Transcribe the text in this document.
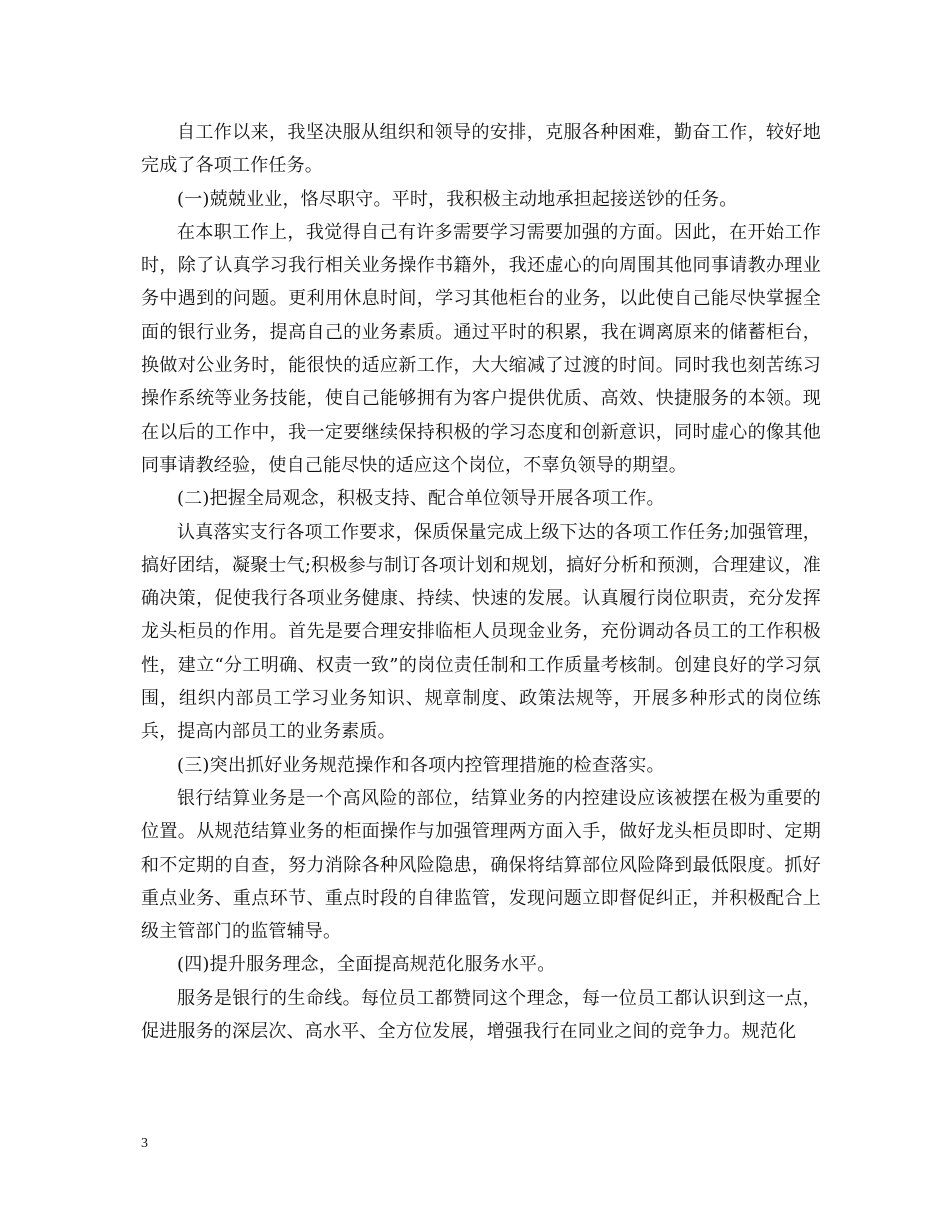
自工作以来，我坚决服从组织和领导的安排，克服各种困难，勤奋工作，较好地完成了各项工作任务。

(一)兢兢业业，恪尽职守。平时，我积极主动地承担起接送钞的任务。

在本职工作上，我觉得自己有许多需要学习需要加强的方面。因此，在开始工作时，除了认真学习我行相关业务操作书籍外，我还虚心的向周围其他同事请教办理业务中遇到的问题。更利用休息时间，学习其他柜台的业务，以此使自己能尽快掌握全面的银行业务，提高自己的业务素质。通过平时的积累，我在调离原来的储蓄柜台，换做对公业务时，能很快的适应新工作，大大缩减了过渡的时间。同时我也刻苦练习操作系统等业务技能，使自己能够拥有为客户提供优质、高效、快捷服务的本领。现在以后的工作中，我一定要继续保持积极的学习态度和创新意识，同时虚心的像其他同事请教经验，使自己能尽快的适应这个岗位，不辜负领导的期望。

(二)把握全局观念，积极支持、配合单位领导开展各项工作。

认真落实支行各项工作要求，保质保量完成上级下达的各项工作任务;加强管理，搞好团结，凝聚士气;积极参与制订各项计划和规划，搞好分析和预测，合理建议，准确决策，促使我行各项业务健康、持续、快速的发展。认真履行岗位职责，充分发挥龙头柜员的作用。首先是要合理安排临柜人员现金业务，充份调动各员工的工作积极性，建立“分工明确、权责一致”的岗位责任制和工作质量考核制。创建良好的学习氛围，组织内部员工学习业务知识、规章制度、政策法规等，开展多种形式的岗位练兵，提高内部员工的业务素质。

(三)突出抓好业务规范操作和各项内控管理措施的检查落实。

银行结算业务是一个高风险的部位，结算业务的内控建设应该被摆在极为重要的位置。从规范结算业务的柜面操作与加强管理两方面入手，做好龙头柜员即时、定期和不定期的自查，努力消除各种风险隐患，确保将结算部位风险降到最低限度。抓好重点业务、重点环节、重点时段的自律监管，发现问题立即督促纠正，并积极配合上级主管部门的监管辅导。

(四)提升服务理念，全面提高规范化服务水平。

服务是银行的生命线。每位员工都赞同这个理念，每一位员工都认识到这一点，促进服务的深层次、高水平、全方位发展，增强我行在同业之间的竞争力。规范化

3
